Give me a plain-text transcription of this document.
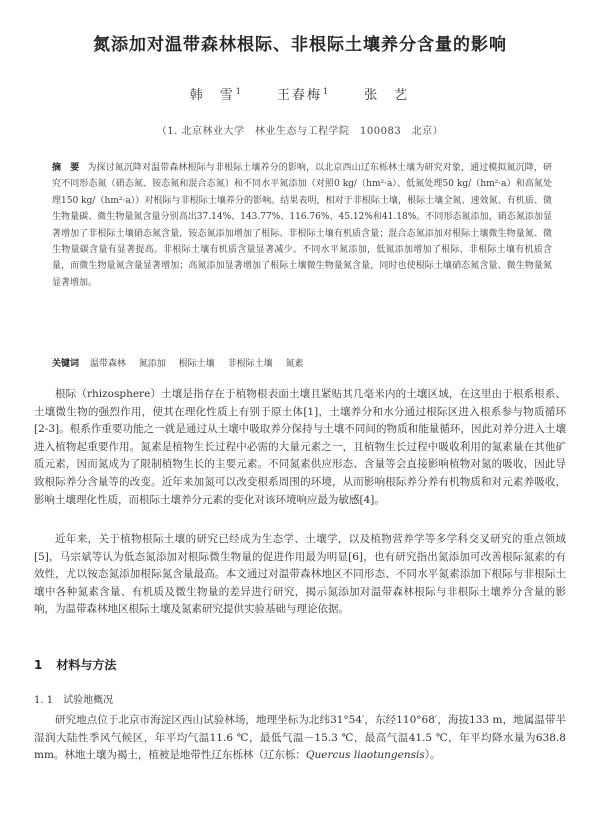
氮添加对温带森林根际、非根际土壤养分含量的影响
韩　雪$^1$	王春梅$^1$	张　艺
（1. 北京林业大学　林业生态与工程学院　100083　北京）
摘　要 为探讨氮沉降对温带森林根际与非根际土壤养分的影响，以北京西山辽东栎林土壤为研究对象，通过模拟氮沉降，研究不同形态氮（硝态氮、铵态氮和混合态氮）和不同水平氮添加（对照0 kg/（hm²·a）、低氮处理50 kg/（hm²·a）和高氮处理150 kg/（hm²·a））对根际与非根际土壤养分的影响。结果表明，相对于非根际土壤，根际土壤全氮、速效氮、有机质、微生物量碳、微生物量氮含量分别高出37.14%、143.77%、116.76%、45.12%和41.18%。不同形态氮添加，硝态氮添加显著增加了非根际土壤硝态氮含量，铵态氮添加增加了根际、非根际土壤有机质含量；混合态氮添加对根际土壤微生物量氮、微生物量碳含量有显著提高。非根际土壤有机质含量显著减少。不同水平氮添加，低氮添加增加了根际、非根际土壤有机质含量，而微生物量氮含量显著增加；高氮添加显著增加了根际土壤微生物量氮含量，同时也使根际土壤硝态氮含量、微生物量氮显著增加。
关键词 温带森林 氮添加 根际土壤 非根际土壤 氮素
根际（rhizosphere）土壤是指存在于植物根表面土壤且紧贴其几毫米内的土壤区域，在这里由于根系根系、土壤微生物的强烈作用，使其在理化性质上有别于原土体[1]，土壤养分和水分通过根际区进入根系参与物质循环[2-3]。根系作重要功能之一就是通过从土壤中吸取养分保持与土壤不同间的物质和能量循环，因此对养分进入土壤进入植物起重要作用。氮素是植物生长过程中必需的大量元素之一，且植物生长过程中吸收利用的氮素量在其他矿质元素，因而氮成为了限制植物生长的主要元素。不同氮素供应形态、含量等会直接影响植物对氮的吸收，因此导致根际养分含量等的改变。近年来加氮可以改变根系周围的环境，从而影响根际养分养有机物质和对元素养吸收，影响土壤理化性质，而根际土壤养分元素的变化对该环境响应最为敏感[4]。
近年来，关于植物根际土壤的研究已经成为生态学、土壤学，以及植物营养学等多学科交叉研究的重点领域[5]，马宗斌等认为低态氮添加对根际微生物量的促进作用最为明显[6]，也有研究指出氮添加可改善根际氮素的有效性，尤以铵态氮添加根际氮含量最高。本文通过对温带森林地区不同形态、不同水平氮素添加下根际与非根际土壤中各种氮素含量、有机质及微生物量的差异进行研究，揭示氮添加对温带森林根际与非根际土壤养分含量的影响，为温带森林地区根际土壤及氮素研究提供实验基础与理论依据。
1 材料与方法
1. 1 试验地概况
研究地点位于北京市海淀区西山试验林场，地理坐标为北纬31°54′，东经110°68′，海拔133 m，地属温带半湿润大陆性季风气候区，年平均气温11.6 ℃，最低气温－15.3 ℃，最高气温41.5 ℃，年平均降水量为638.8 mm。林地土壤为褐土，植被是地带性辽东栎林（辽东栎：Quercus liaotungensis）。
